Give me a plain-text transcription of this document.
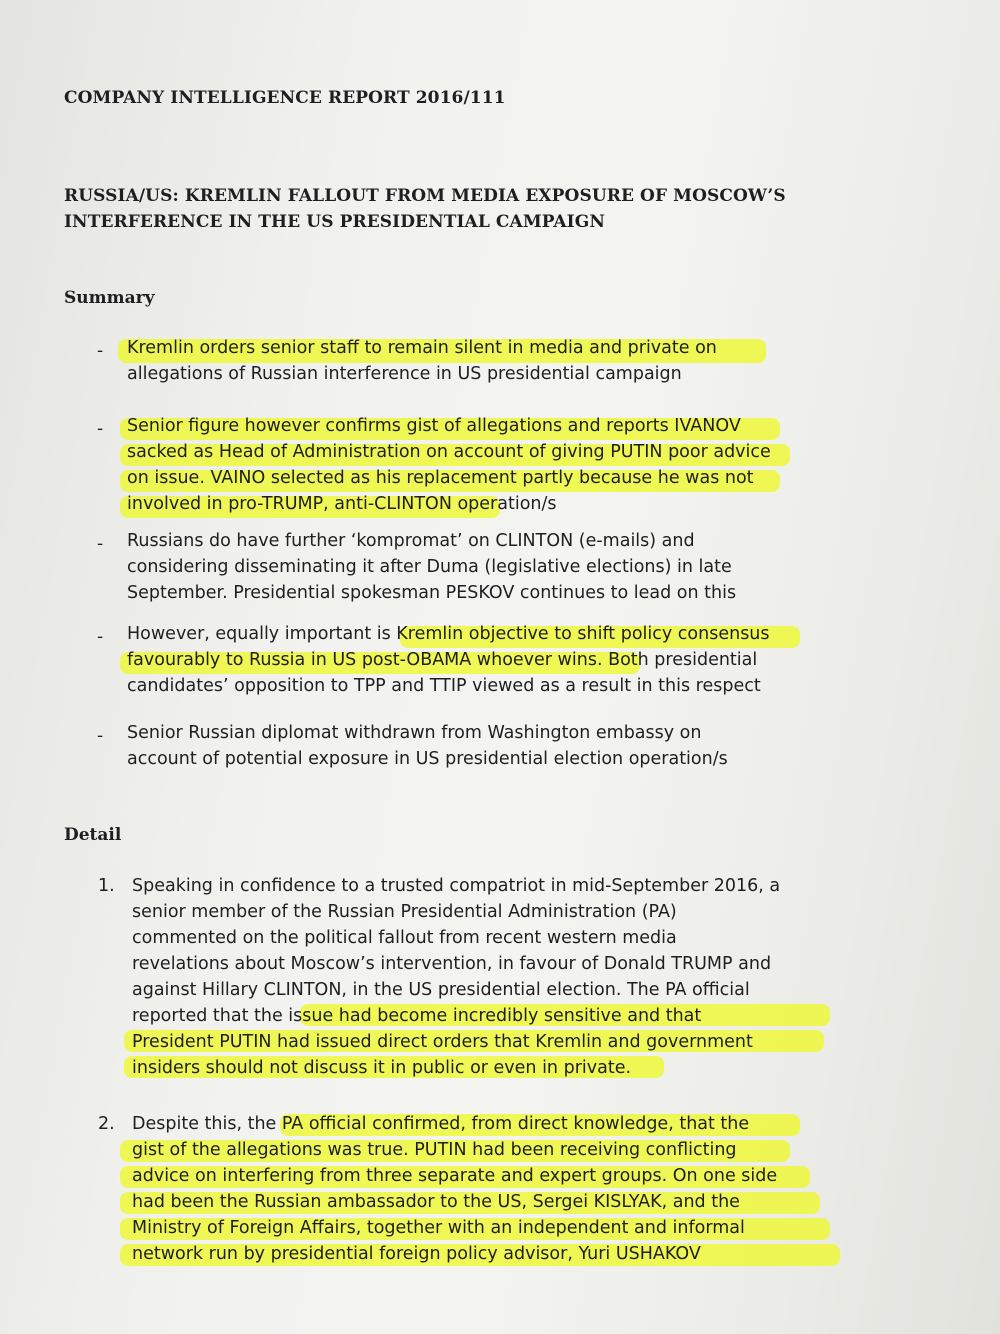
COMPANY INTELLIGENCE REPORT 2016/111
RUSSIA/US: KREMLIN FALLOUT FROM MEDIA EXPOSURE OF MOSCOW’S
INTERFERENCE IN THE US PRESIDENTIAL CAMPAIGN
Summary
- Kremlin orders senior staff to remain silent in media and private on
allegations of Russian interference in US presidential campaign
- Senior figure however confirms gist of allegations and reports IVANOV
sacked as Head of Administration on account of giving PUTIN poor advice
on issue. VAINO selected as his replacement partly because he was not
involved in pro-TRUMP, anti-CLINTON operation/s
- Russians do have further ‘kompromat’ on CLINTON (e-mails) and
considering disseminating it after Duma (legislative elections) in late
September. Presidential spokesman PESKOV continues to lead on this
- However, equally important is Kremlin objective to shift policy consensus
favourably to Russia in US post-OBAMA whoever wins. Both presidential
candidates’ opposition to TPP and TTIP viewed as a result in this respect
- Senior Russian diplomat withdrawn from Washington embassy on
account of potential exposure in US presidential election operation/s
Detail
1. Speaking in confidence to a trusted compatriot in mid-September 2016, a
senior member of the Russian Presidential Administration (PA)
commented on the political fallout from recent western media
revelations about Moscow’s intervention, in favour of Donald TRUMP and
against Hillary CLINTON, in the US presidential election. The PA official
reported that the issue had become incredibly sensitive and that
President PUTIN had issued direct orders that Kremlin and government
insiders should not discuss it in public or even in private.
2. Despite this, the PA official confirmed, from direct knowledge, that the
gist of the allegations was true. PUTIN had been receiving conflicting
advice on interfering from three separate and expert groups. On one side
had been the Russian ambassador to the US, Sergei KISLYAK, and the
Ministry of Foreign Affairs, together with an independent and informal
network run by presidential foreign policy advisor, Yuri USHAKOV
